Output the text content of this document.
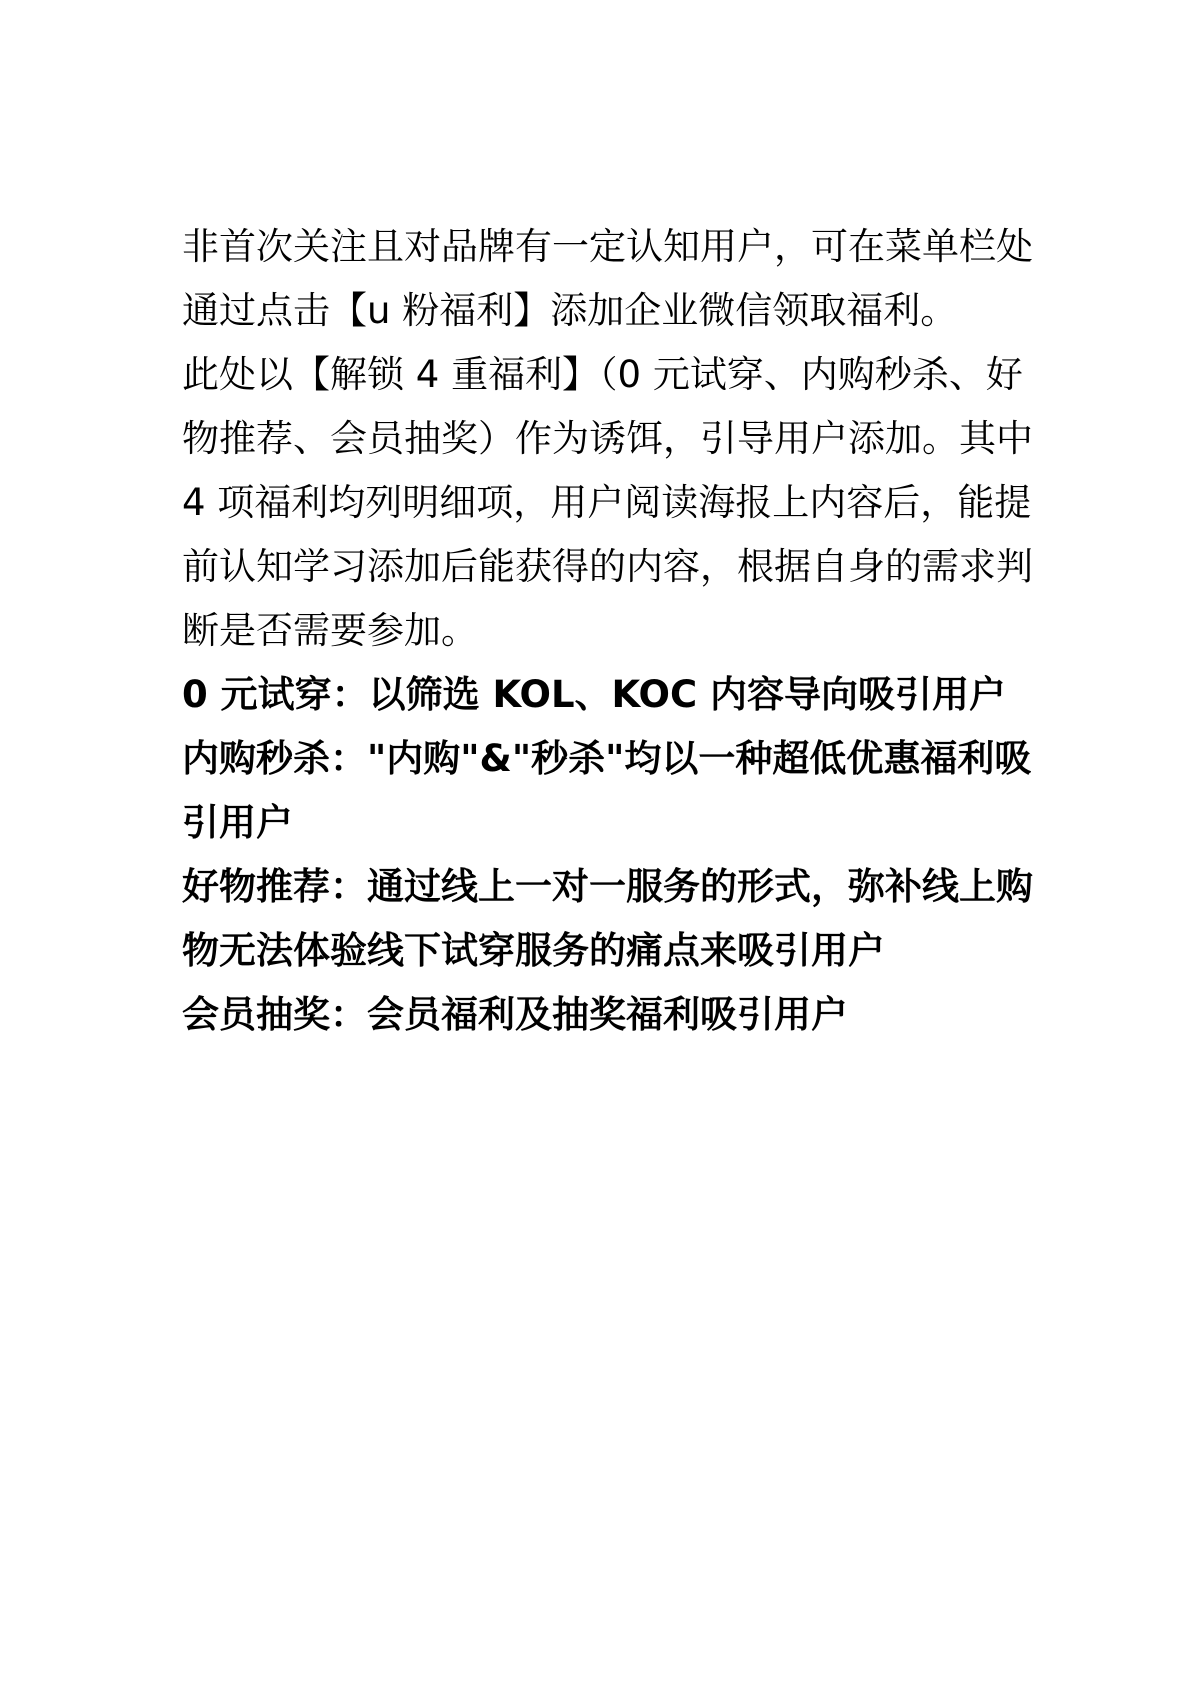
非首次关注且对品牌有一定认知用户，可在菜单栏处通过点击【u 粉福利】添加企业微信领取福利。

此处以【解锁 4 重福利】（0 元试穿、内购秒杀、好物推荐、会员抽奖）作为诱饵，引导用户添加。其中 4 项福利均列明细项，用户阅读海报上内容后，能提前认知学习添加后能获得的内容，根据自身的需求判断是否需要参加。

0 元试穿：以筛选 KOL、KOC 内容导向吸引用户

内购秒杀："内购"&"秒杀"均以一种超低优惠福利吸引用户

好物推荐：通过线上一对一服务的形式，弥补线上购物无法体验线下试穿服务的痛点来吸引用户

会员抽奖：会员福利及抽奖福利吸引用户
